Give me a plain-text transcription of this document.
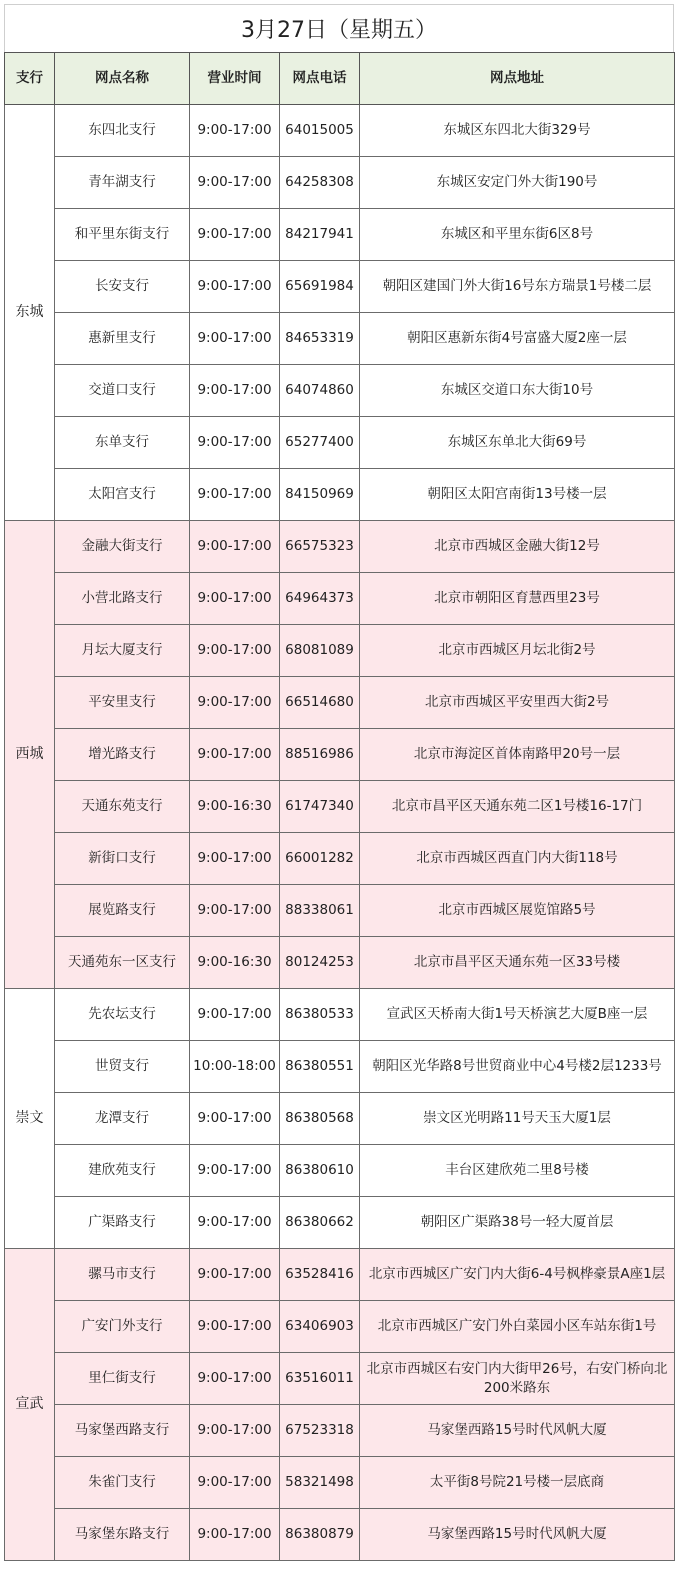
3月27日（星期五）
支行	网点名称	营业时间	网点电话	网点地址
东城	东四北支行	9:00-17:00	64015005	东城区东四北大街329号
	青年湖支行	9:00-17:00	64258308	东城区安定门外大街190号
	和平里东街支行	9:00-17:00	84217941	东城区和平里东街6区8号
	长安支行	9:00-17:00	65691984	朝阳区建国门外大街16号东方瑞景1号楼二层
	惠新里支行	9:00-17:00	84653319	朝阳区惠新东街4号富盛大厦2座一层
	交道口支行	9:00-17:00	64074860	东城区交道口东大街10号
	东单支行	9:00-17:00	65277400	东城区东单北大街69号
	太阳宫支行	9:00-17:00	84150969	朝阳区太阳宫南街13号楼一层
西城	金融大街支行	9:00-17:00	66575323	北京市西城区金融大街12号
	小营北路支行	9:00-17:00	64964373	北京市朝阳区育慧西里23号
	月坛大厦支行	9:00-17:00	68081089	北京市西城区月坛北街2号
	平安里支行	9:00-17:00	66514680	北京市西城区平安里西大街2号
	增光路支行	9:00-17:00	88516986	北京市海淀区首体南路甲20号一层
	天通东苑支行	9:00-16:30	61747340	北京市昌平区天通东苑二区1号楼16-17门
	新街口支行	9:00-17:00	66001282	北京市西城区西直门内大街118号
	展览路支行	9:00-17:00	88338061	北京市西城区展览馆路5号
	天通苑东一区支行	9:00-16:30	80124253	北京市昌平区天通东苑一区33号楼
崇文	先农坛支行	9:00-17:00	86380533	宣武区天桥南大街1号天桥演艺大厦B座一层
	世贸支行	10:00-18:00	86380551	朝阳区光华路8号世贸商业中心4号楼2层1233号
	龙潭支行	9:00-17:00	86380568	崇文区光明路11号天玉大厦1层
	建欣苑支行	9:00-17:00	86380610	丰台区建欣苑二里8号楼
	广渠路支行	9:00-17:00	86380662	朝阳区广渠路38号一轻大厦首层
宣武	骡马市支行	9:00-17:00	63528416	北京市西城区广安门内大街6-4号枫桦豪景A座1层
	广安门外支行	9:00-17:00	63406903	北京市西城区广安门外白菜园小区车站东街1号
	里仁街支行	9:00-17:00	63516011	北京市西城区右安门内大街甲26号，右安门桥向北200米路东
	马家堡西路支行	9:00-17:00	67523318	马家堡西路15号时代风帆大厦
	朱雀门支行	9:00-17:00	58321498	太平街8号院21号楼一层底商
	马家堡东路支行	9:00-17:00	86380879	马家堡西路15号时代风帆大厦
